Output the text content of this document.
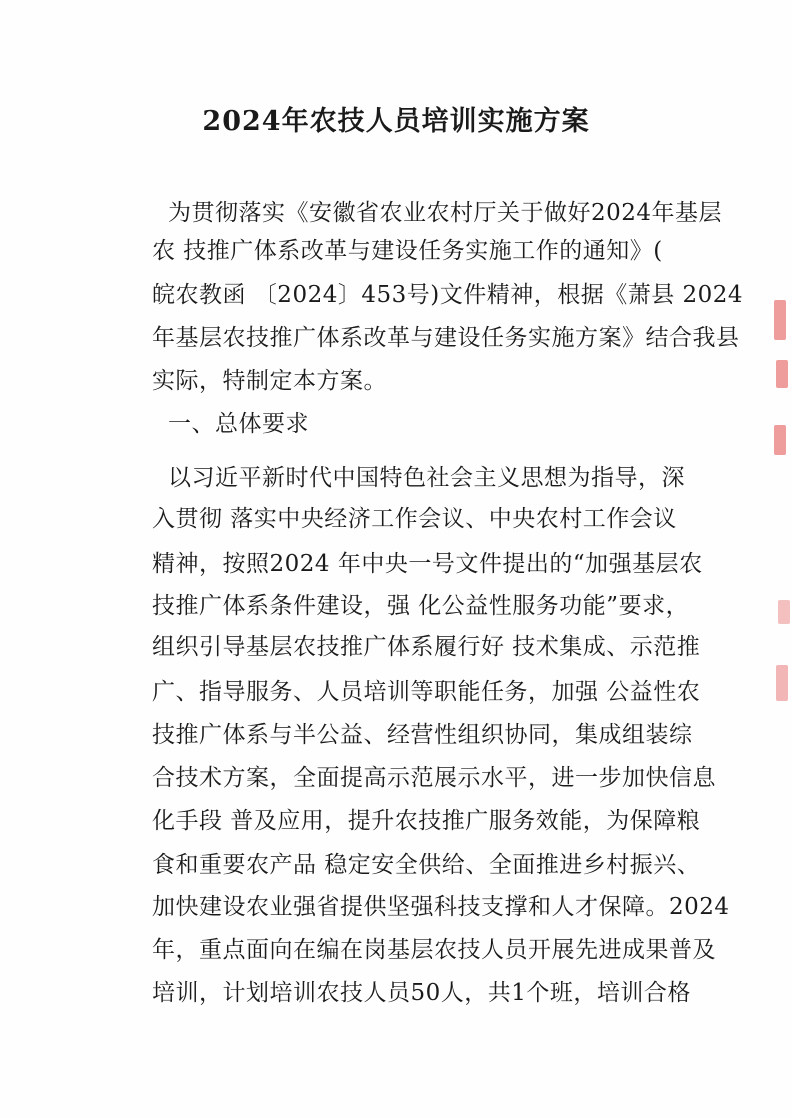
2024年农技人员培训实施方案

为贯彻落实《安徽省农业农村厅关于做好2024年基层

农 技推广体系改革与建设任务实施工作的通知》(

皖农教函 〔2024〕453号)文件精神，根据《萧县 2024

年基层农技推广体系改革与建设任务实施方案》结合我县

实际，特制定本方案。

一、总体要求

以习近平新时代中国特色社会主义思想为指导，深

入贯彻 落实中央经济工作会议、中央农村工作会议

精神，按照2024 年中央一号文件提出的“加强基层农

技推广体系条件建设，强 化公益性服务功能”要求，

组织引导基层农技推广体系履行好 技术集成、示范推

广、指导服务、人员培训等职能任务，加强 公益性农

技推广体系与半公益、经营性组织协同，集成组装综

合技术方案，全面提高示范展示水平，进一步加快信息

化手段 普及应用，提升农技推广服务效能，为保障粮

食和重要农产品 稳定安全供给、全面推进乡村振兴、

加快建设农业强省提供坚强科技支撑和人才保障。2024

年，重点面向在编在岗基层农技人员开展先进成果普及

培训，计划培训农技人员50人，共1个班，培训合格
